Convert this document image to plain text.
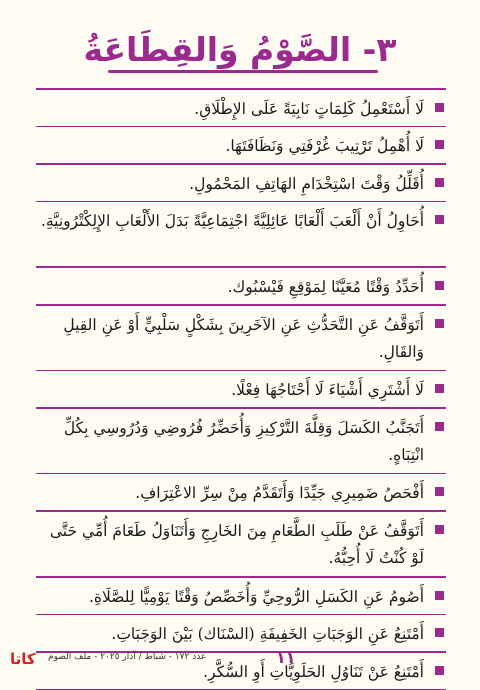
٣- الصَّوْمُ وَالقِطَاعَةُ
لَا أَسْتَعْمِلُ كَلِمَاتٍ نَابِيَةً عَلَى الإِطْلَاقِ.
لَا أُهْمِلُ تَرْتِيبَ غُرْفَتِي وَنَظَافَتَهَا.
أُقَلِّلُ وَقْتَ اسْتِخْدَامِ الهَاتِفِ المَحْمُولِ.
أُحَاوِلُ أَنْ أَلْعَبَ أَلْعَابًا عَائِلِيَّةً اجْتِمَاعِيَّةً بَدَلَ الأَلْعَابِ الإِلِكْتْرُونِيَّةِ.
أُحَدِّدُ وَقْتًا مُعَيَّنًا لِمَوْقِعِ فَيْسْبُوك.
أَتَوَقَّفُ عَنِ التَّحَدُّثِ عَنِ الآخَرِينَ بِشَكْلٍ سَلْبِيٍّ أَوْ عَنِ القِيلِ وَالقَالِ.
لَا أَشْتَرِي أَشْيَاءَ لَا أَحْتَاجُهَا فِعْلًا.
أَتَجَنَّبُ الكَسَلَ وَقِلَّةَ التَّرْكِيزِ وَأُحَضِّرُ فُرُوضِي وَدُرُوسِي بِكُلِّ انْتِبَاهٍ.
أَفْحَصُ ضَمِيرِي جَيِّدًا وَأَتَقَدَّمُ مِنْ سِرِّ الاعْتِرَافِ.
أَتَوَقَّفُ عَنْ طَلَبِ الطَّعَامِ مِنَ الخَارِجِ وَأَتَنَاوَلُ طَعَامَ أُمِّي حَتَّى لَوْ كُنْتُ لَا أُحِبُّهُ.
أَصُومُ عَنِ الكَسَلِ الرُّوحِيِّ وَأُخَصِّصُ وَقْتًا يَوْمِيًّا لِلصَّلَاةِ.
أَمْتَنِعُ عَنِ الوَجَبَاتِ الخَفِيفَةِ (السْنَاك) بَيْنَ الوَجَبَاتِ.
أَمْتَنِعُ عَنْ تَنَاوُلِ الحَلَوِيَّاتِ أَوِ السُّكَّرِ.
كاتا عدد ١٧٢ - شباط / آذار ٢٠٢٥ - ملف الصوم	١١
